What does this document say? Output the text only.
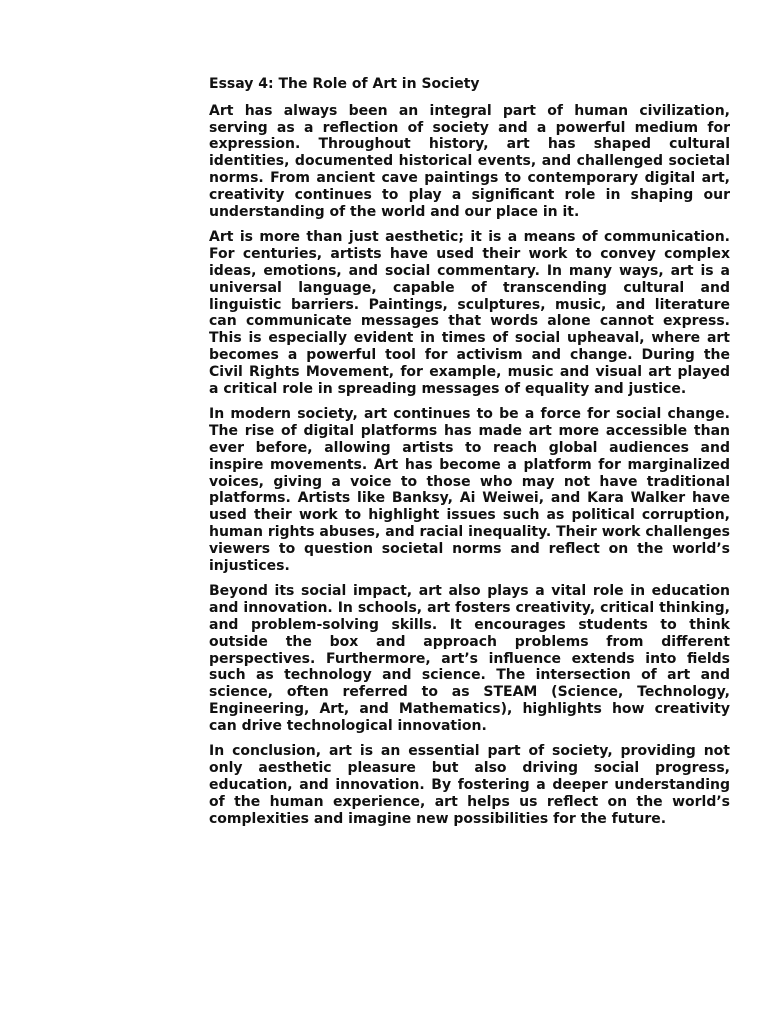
Essay 4: The Role of Art in Society

Art has always been an integral part of human civilization, serving as a reflection of society and a powerful medium for expression. Throughout history, art has shaped cultural identities, documented historical events, and challenged societal norms. From ancient cave paintings to contemporary digital art, creativity continues to play a significant role in shaping our understanding of the world and our place in it.

Art is more than just aesthetic; it is a means of communication. For centuries, artists have used their work to convey complex ideas, emotions, and social commentary. In many ways, art is a universal language, capable of transcending cultural and linguistic barriers. Paintings, sculptures, music, and literature can communicate messages that words alone cannot express. This is especially evident in times of social upheaval, where art becomes a powerful tool for activism and change. During the Civil Rights Movement, for example, music and visual art played a critical role in spreading messages of equality and justice.

In modern society, art continues to be a force for social change. The rise of digital platforms has made art more accessible than ever before, allowing artists to reach global audiences and inspire movements. Art has become a platform for marginalized voices, giving a voice to those who may not have traditional platforms. Artists like Banksy, Ai Weiwei, and Kara Walker have used their work to highlight issues such as political corruption, human rights abuses, and racial inequality. Their work challenges viewers to question societal norms and reflect on the world’s injustices.

Beyond its social impact, art also plays a vital role in education and innovation. In schools, art fosters creativity, critical thinking, and problem-solving skills. It encourages students to think outside the box and approach problems from different perspectives. Furthermore, art’s influence extends into fields such as technology and science. The intersection of art and science, often referred to as STEAM (Science, Technology, Engineering, Art, and Mathematics), highlights how creativity can drive technological innovation.

In conclusion, art is an essential part of society, providing not only aesthetic pleasure but also driving social progress, education, and innovation. By fostering a deeper understanding of the human experience, art helps us reflect on the world’s complexities and imagine new possibilities for the future.
